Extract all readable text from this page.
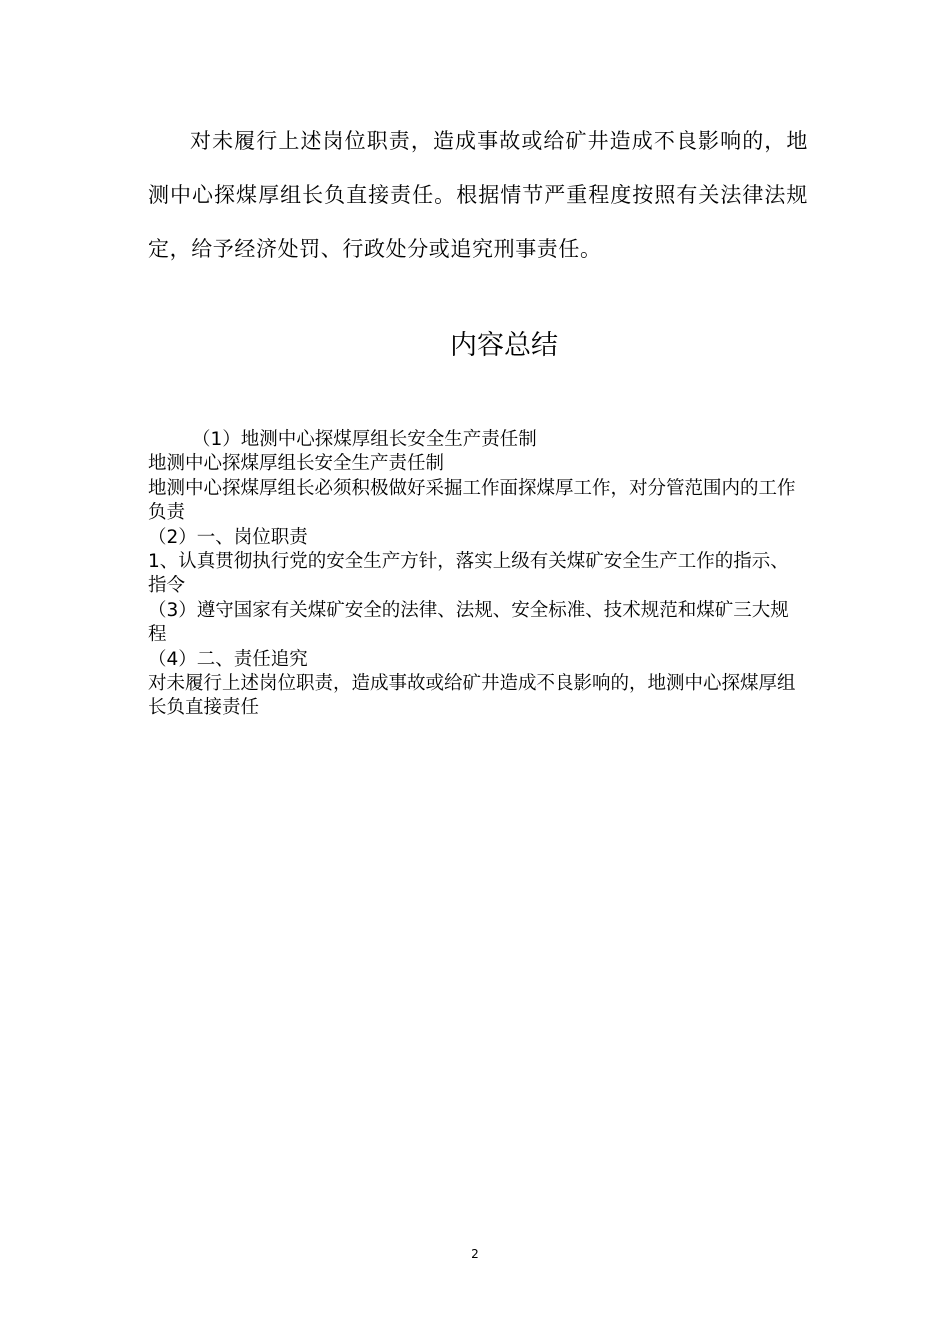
对未履行上述岗位职责，造成事故或给矿井造成不良影响的，地测中心探煤厚组长负直接责任。根据情节严重程度按照有关法律法规定，给予经济处罚、行政处分或追究刑事责任。

内容总结

（1）地测中心探煤厚组长安全生产责任制

地测中心探煤厚组长安全生产责任制

地测中心探煤厚组长必须积极做好采掘工作面探煤厚工作，对分管范围内的工作负责

（2）一、岗位职责

1、认真贯彻执行党的安全生产方针，落实上级有关煤矿安全生产工作的指示、指令

（3）遵守国家有关煤矿安全的法律、法规、安全标准、技术规范和煤矿三大规程

（4）二、责任追究

对未履行上述岗位职责，造成事故或给矿井造成不良影响的，地测中心探煤厚组长负直接责任

2
